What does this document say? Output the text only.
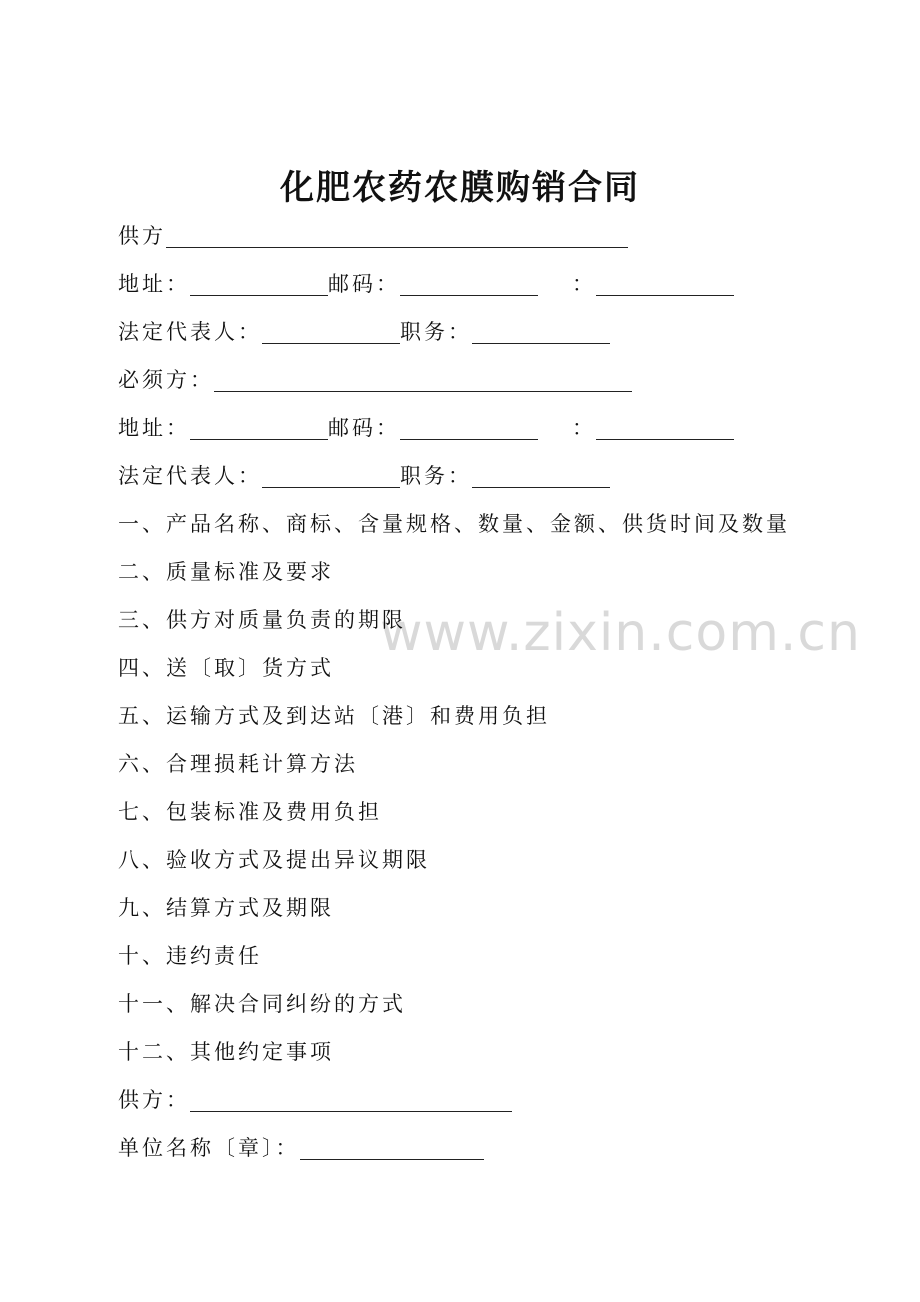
www.zixin.com.cn
化肥农药农膜购销合同
供方
地址：	邮码：	：
法定代表人：	职务：
必须方：
地址：	邮码：	：
法定代表人：	职务：
一、产品名称、商标、含量规格、数量、金额、供货时间及数量
二、质量标准及要求
三、供方对质量负责的期限
四、送〔取〕货方式
五、运输方式及到达站〔港〕和费用负担
六、合理损耗计算方法
七、包装标准及费用负担
八、验收方式及提出异议期限
九、结算方式及期限
十、违约责任
十一、解决合同纠纷的方式
十二、其他约定事项
供方：
单位名称〔章〕：
